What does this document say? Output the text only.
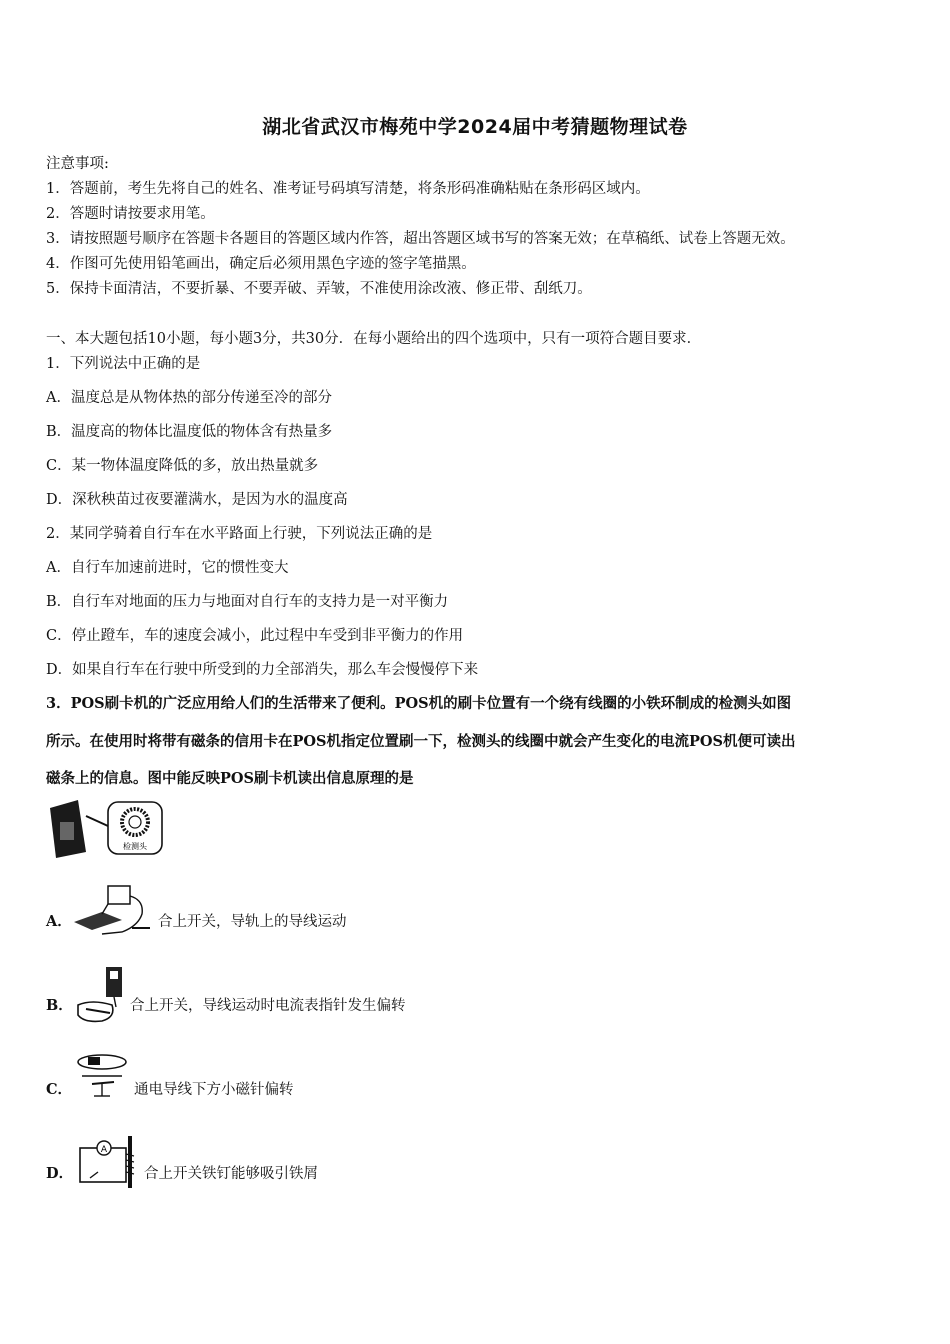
湖北省武汉市梅苑中学2024届中考猜题物理试卷
注意事项:
1．答题前，考生先将自己的姓名、准考证号码填写清楚，将条形码准确粘贴在条形码区域内。
2．答题时请按要求用笔。
3．请按照题号顺序在答题卡各题目的答题区域内作答，超出答题区域书写的答案无效；在草稿纸、试卷上答题无效。
4．作图可先使用铅笔画出，确定后必须用黑色字迹的签字笔描黑。
5．保持卡面清洁，不要折暴、不要弄破、弄皱，不准使用涂改液、修正带、刮纸刀。
一、本大题包括10小题，每小题3分，共30分．在每小题给出的四个选项中，只有一项符合题目要求．
1．下列说法中正确的是
A．温度总是从物体热的部分传递至冷的部分
B．温度高的物体比温度低的物体含有热量多
C．某一物体温度降低的多，放出热量就多
D．深秋秧苗过夜要灌满水，是因为水的温度高
2．某同学骑着自行车在水平路面上行驶，下列说法正确的是
A．自行车加速前进时，它的惯性变大
B．自行车对地面的压力与地面对自行车的支持力是一对平衡力
C．停止蹬车，车的速度会减小，此过程中车受到非平衡力的作用
D．如果自行车在行驶中所受到的力全部消失，那么车会慢慢停下来
3．POS刷卡机的广泛应用给人们的生活带来了便利。POS机的刷卡位置有一个绕有线圈的小铁环制成的检测头如图
所示。在使用时将带有磁条的信用卡在POS机指定位置刷一下，检测头的线圈中就会产生变化的电流POS机便可读出
磁条上的信息。图中能反映POS刷卡机读出信息原理的是
检测头
A．	合上开关，导轨上的导线运动
B．	合上开关，导线运动时电流表指针发生偏转
C．	通电导线下方小磁针偏转
D．
A
合上开关铁钉能够吸引铁屑
